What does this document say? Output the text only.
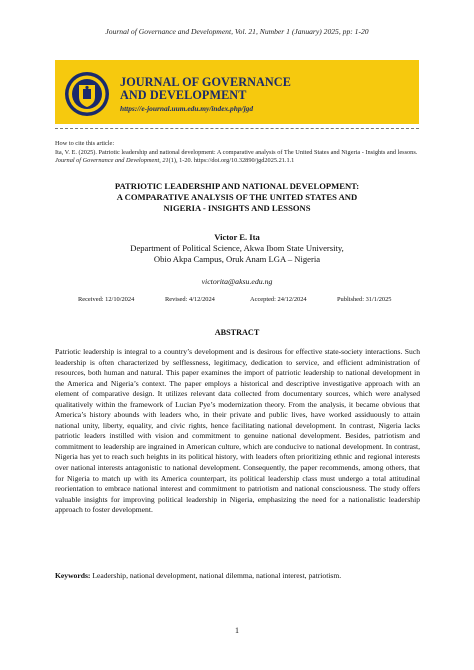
Journal of Governance and Development, Vol. 21, Number 1 (January) 2025, pp: 1-20
JOURNAL OF GOVERNANCE
AND DEVELOPMENT
https://e-journal.uum.edu.my/index.php/jgd

How to cite this article:

Ita, V. E. (2025). Patriotic leadership and national development: A comparative analysis of The United States and Nigeria - Insights and lessons. Journal of Governance and Development, 21(1), 1-20. https://doi.org/10.32890/jgd2025.21.1.1

PATRIOTIC LEADERSHIP AND NATIONAL DEVELOPMENT:
A COMPARATIVE ANALYSIS OF THE UNITED STATES AND
NIGERIA - INSIGHTS AND LESSONS
Victor E. Ita
Department of Political Science, Akwa Ibom State University,
Obio Akpa Campus, Oruk Anam LGA – Nigeria
victorita@aksu.edu.ng
Received: 12/10/2024	Revised: 4/12/2024	Accepted: 24/12/2024	Published: 31/1/2025
ABSTRACT
Patriotic leadership is integral to a country’s development and is desirous for effective state-society interactions. Such leadership is often characterized by selflessness, legitimacy, dedication to service, and efficient administration of resources, both human and natural. This paper examines the import of patriotic leadership to national development in the America and Nigeria’s context. The paper employs a historical and descriptive investigative approach with an element of comparative design. It utilizes relevant data collected from documentary sources, which were analysed qualitatively within the framework of Lucian Pye’s modernization theory. From the analysis, it became obvious that America’s history abounds with leaders who, in their private and public lives, have worked assiduously to attain national unity, liberty, equality, and civic rights, hence facilitating national development. In contrast, Nigeria lacks patriotic leaders instilled with vision and commitment to genuine national development. Besides, patriotism and commitment to leadership are ingrained in American culture, which are conducive to national development. In contrast, Nigeria has yet to reach such heights in its political history, with leaders often prioritizing ethnic and regional interests over national interests antagonistic to national development. Consequently, the paper recommends, among others, that for Nigeria to match up with its America counterpart, its political leadership class must undergo a total attitudinal reorientation to embrace national interest and commitment to patriotism and national consciousness. The study offers valuable insights for improving political leadership in Nigeria, emphasizing the need for a nationalistic leadership approach to foster development.
Keywords: Leadership, national development, national dilemma, national interest, patriotism.
1
